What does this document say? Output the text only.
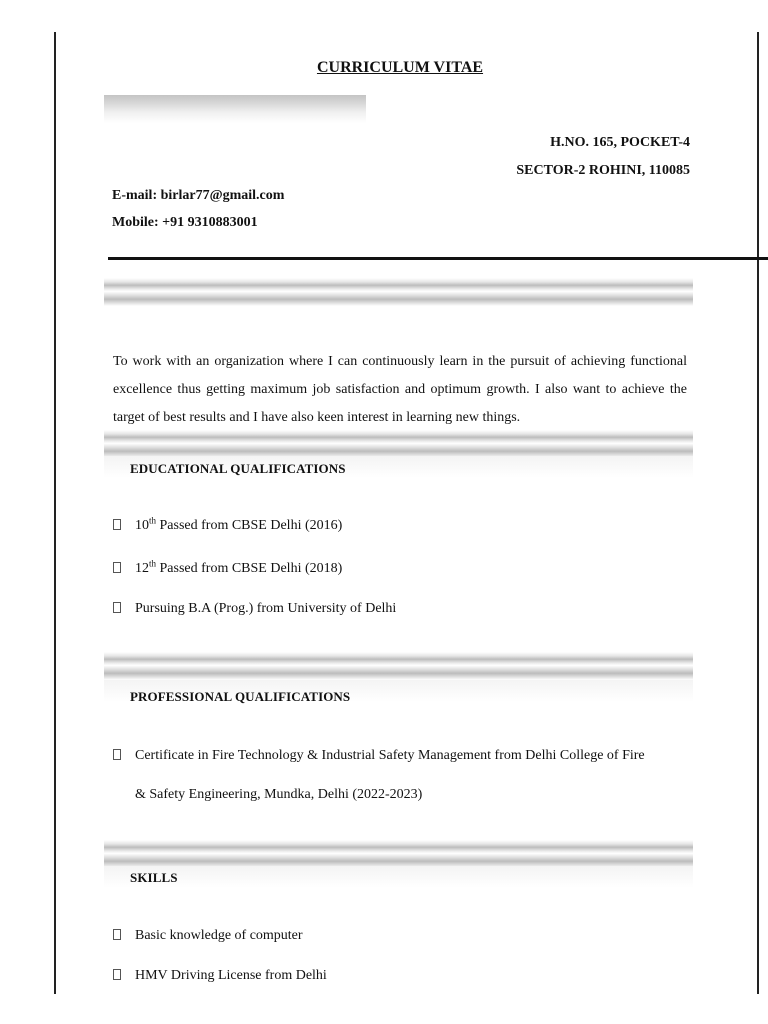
CURRICULUM VITAE
H.NO. 165, POCKET-4
SECTOR-2 ROHINI, 110085
E-mail: birlar77@gmail.com
Mobile: +91 9310883001
To work with an organization where I can continuously learn in the pursuit of achieving functional excellence thus getting maximum job satisfaction and optimum growth. I also want to achieve the target of best results and I have also keen interest in learning new things.
EDUCATIONAL QUALIFICATIONS
10th Passed from CBSE Delhi (2016)
12th Passed from CBSE Delhi (2018)
Pursuing B.A (Prog.) from University of Delhi
PROFESSIONAL QUALIFICATIONS
Certificate in Fire Technology & Industrial Safety Management from Delhi College of Fire
& Safety Engineering, Mundka, Delhi (2022-2023)
SKILLS
Basic knowledge of computer
HMV Driving License from Delhi
